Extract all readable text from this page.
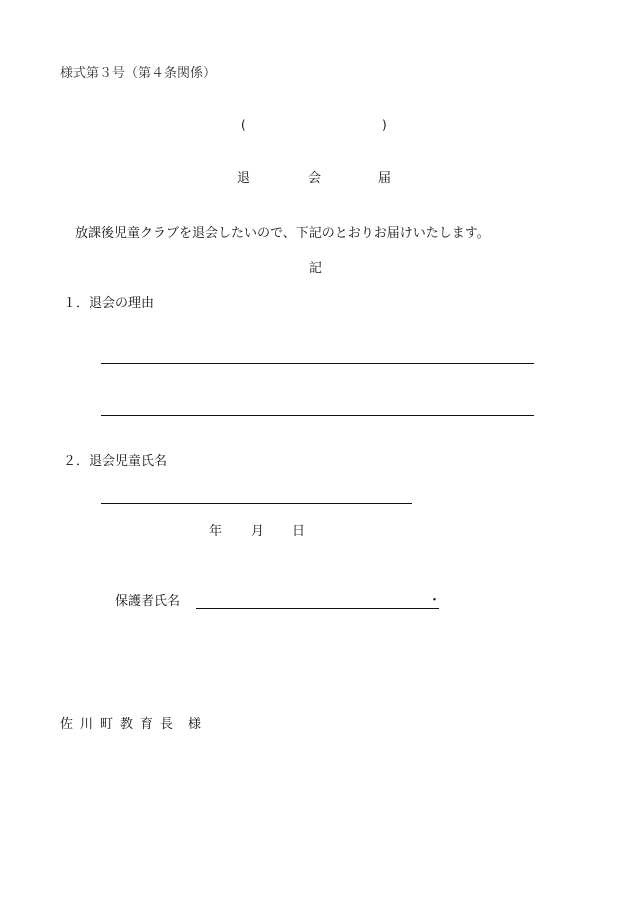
様式第３号（第４条関係）
(	)
退	会	届
放課後児童クラブを退会したいので、下記のとおりお届けいたします。
記
１．退会の理由
２．退会児童氏名
年 月 日
保護者氏名	・
佐 川 町 教 育 長 様
